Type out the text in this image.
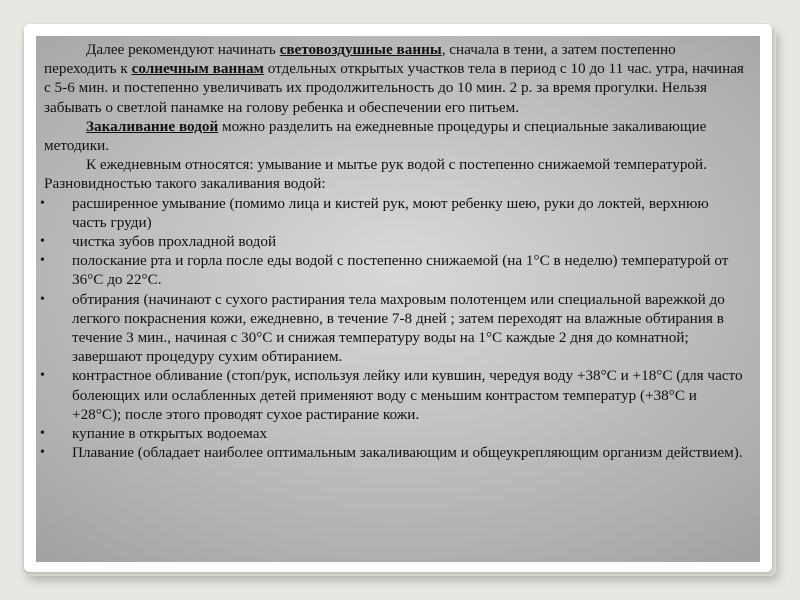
Далее рекомендуют начинать световоздушные ванны, сначала в тени, а затем постепенно переходить к солнечным ваннам отдельных открытых участков тела в период с 10 до 11 час. утра, начиная с 5-6 мин. и постепенно увеличивать их продолжительность до 10 мин. 2 р. за время прогулки. Нельзя забывать о светлой панамке на голову ребенка и обеспечении его питьем.

Закаливание водой можно разделить на ежедневные процедуры и специальные закаливающие методики.

К ежедневным относятся: умывание и мытье рук водой с постепенно снижаемой температурой. Разновидностью такого закаливания водой:

• расширенное умывание (помимо лица и кистей рук, моют ребенку шею, руки до локтей, верхнюю часть груди)
• чистка зубов прохладной водой
• полоскание рта и горла после еды водой с постепенно снижаемой (на 1°С в неделю) температурой от 36°С до 22°С.
• обтирания (начинают с сухого растирания тела махровым полотенцем или специальной варежкой до легкого покраснения кожи, ежедневно, в течение 7-8 дней ; затем переходят на влажные обтирания в течение 3 мин., начиная с 30°С и снижая температуру воды на 1°С каждые 2 дня до комнатной; завершают процедуру сухим обтиранием.
• контрастное обливание (стоп/рук, используя лейку или кувшин, чередуя воду +38°С и +18°С (для часто болеющих или ослабленных детей применяют воду с меньшим контрастом температур (+38°С и +28°С); после этого проводят сухое растирание кожи.
• купание в открытых водоемах
• Плавание (обладает наиболее оптимальным закаливающим и общеукрепляющим организм действием).
